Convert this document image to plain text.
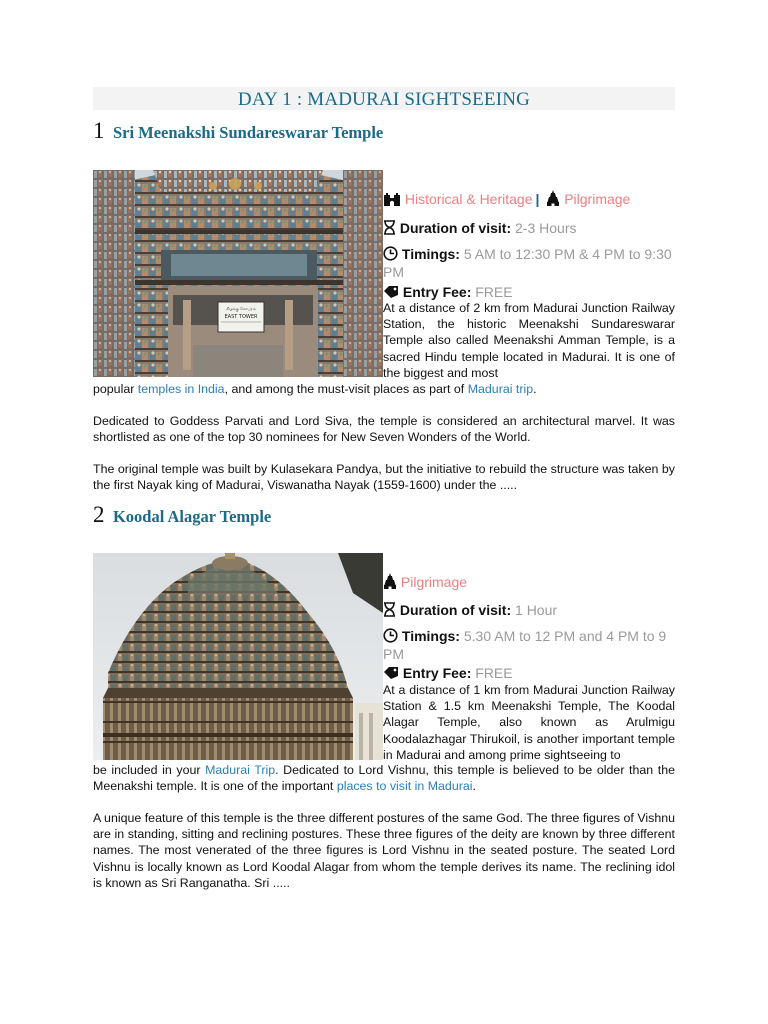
DAY 1 : MADURAI SIGHTSEEING
1 Sri Meenakshi Sundareswarar Temple
கிழக்கு கோபுரம்
EAST TOWER
Historical & Heritage | Pilgrimage
Duration of visit: 2-3 Hours
Timings: 5 AM to 12:30 PM & 4 PM to 9:30 PM
Entry Fee: FREE

At a distance of 2 km from Madurai Junction Railway Station, the historic Meenakshi Sundareswarar Temple also called Meenakshi Amman Temple, is a sacred Hindu temple located in Madurai. It is one of the biggest and most

popular temples in India, and among the must-visit places as part of Madurai trip.

Dedicated to Goddess Parvati and Lord Siva, the temple is considered an architectural marvel. It was shortlisted as one of the top 30 nominees for New Seven Wonders of the World.

The original temple was built by Kulasekara Pandya, but the initiative to rebuild the structure was taken by the first Nayak king of Madurai, Viswanatha Nayak (1559-1600) under the .....

2 Koodal Alagar Temple
Pilgrimage
Duration of visit: 1 Hour
Timings: 5.30 AM to 12 PM and 4 PM to 9 PM
Entry Fee: FREE

At a distance of 1 km from Madurai Junction Railway Station & 1.5 km Meenakshi Temple, The Koodal Alagar Temple, also known as Arulmigu Koodalazhagar Thirukoil, is another important temple in Madurai and among prime sightseeing to

be included in your Madurai Trip. Dedicated to Lord Vishnu, this temple is believed to be older than the Meenakshi temple. It is one of the important places to visit in Madurai.

A unique feature of this temple is the three different postures of the same God. The three figures of Vishnu are in standing, sitting and reclining postures. These three figures of the deity are known by three different names. The most venerated of the three figures is Lord Vishnu in the seated posture. The seated Lord Vishnu is locally known as Lord Koodal Alagar from whom the temple derives its name. The reclining idol is known as Sri Ranganatha. Sri .....
